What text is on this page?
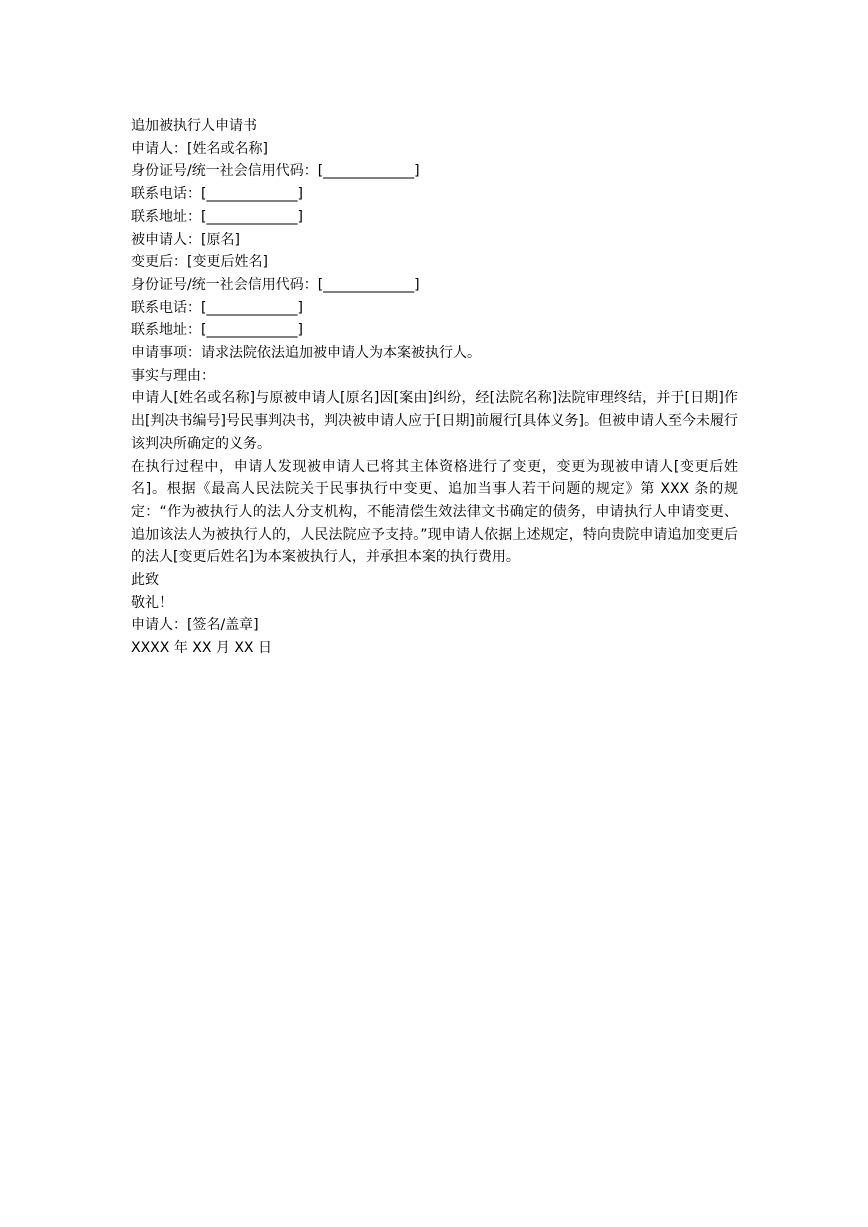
追加被执行人申请书

申请人：[姓名或名称]

身份证号/统一社会信用代码：[_____________]

联系电话：[_____________]

联系地址：[_____________]

被申请人：[原名]

变更后：[变更后姓名]

身份证号/统一社会信用代码：[_____________]

联系电话：[_____________]

联系地址：[_____________]

申请事项：请求法院依法追加被申请人为本案被执行人。

事实与理由：

申请人[姓名或名称]与原被申请人[原名]因[案由]纠纷，经[法院名称]法院审理终结，并于[日期]作出[判决书编号]号民事判决书，判决被申请人应于[日期]前履行[具体义务]。但被申请人至今未履行该判决所确定的义务。

在执行过程中，申请人发现被申请人已将其主体资格进行了变更，变更为现被申请人[变更后姓名]。根据《最高人民法院关于民事执行中变更、追加当事人若干问题的规定》第 XXX 条的规定：“作为被执行人的法人分支机构，不能清偿生效法律文书确定的债务，申请执行人申请变更、追加该法人为被执行人的，人民法院应予支持。”现申请人依据上述规定，特向贵院申请追加变更后的法人[变更后姓名]为本案被执行人，并承担本案的执行费用。

此致

敬礼！

申请人：[签名/盖章]

XXXX 年 XX 月 XX 日
